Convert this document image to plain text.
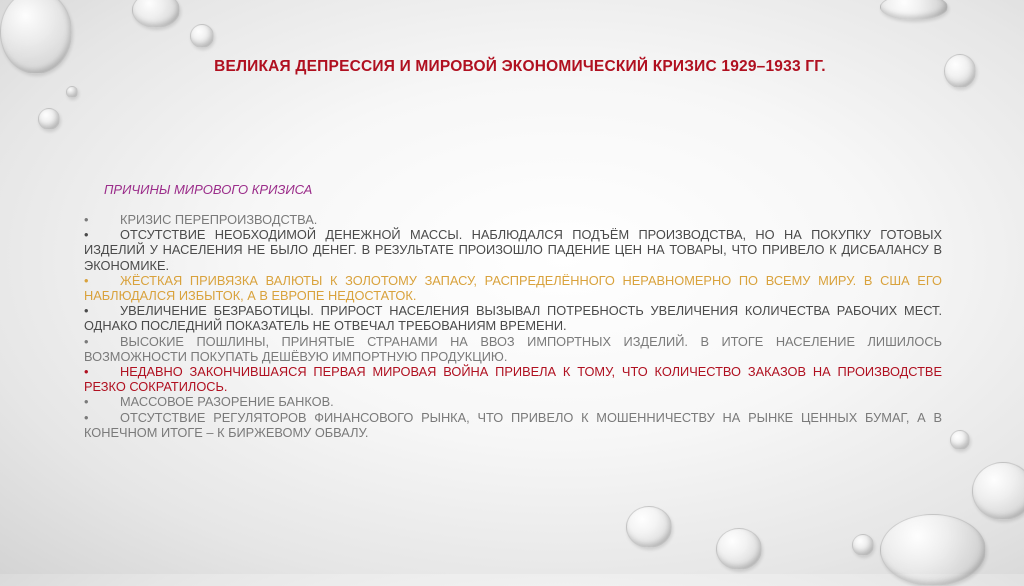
ВЕЛИКАЯ ДЕПРЕССИЯ И МИРОВОЙ ЭКОНОМИЧЕСКИЙ КРИЗИС 1929–1933 ГГ.
ПРИЧИНЫ МИРОВОГО КРИЗИСА

• КРИЗИС ПЕРЕПРОИЗВОДСТВА.

• ОТСУТСТВИЕ НЕОБХОДИМОЙ ДЕНЕЖНОЙ МАССЫ. НАБЛЮДАЛСЯ ПОДЪЁМ ПРОИЗВОДСТВА, НО НА ПОКУПКУ ГОТОВЫХ ИЗДЕЛИЙ У НАСЕЛЕНИЯ НЕ БЫЛО ДЕНЕГ. В РЕЗУЛЬТАТЕ ПРОИЗОШЛО ПАДЕНИЕ ЦЕН НА ТОВАРЫ, ЧТО ПРИВЕЛО К ДИСБАЛАНСУ В ЭКОНОМИКЕ.

• ЖЁСТКАЯ ПРИВЯЗКА ВАЛЮТЫ К ЗОЛОТОМУ ЗАПАСУ, РАСПРЕДЕЛЁННОГО НЕРАВНОМЕРНО ПО ВСЕМУ МИРУ. В США ЕГО НАБЛЮДАЛСЯ ИЗБЫТОК, А В ЕВРОПЕ НЕДОСТАТОК.

• УВЕЛИЧЕНИЕ БЕЗРАБОТИЦЫ. ПРИРОСТ НАСЕЛЕНИЯ ВЫЗЫВАЛ ПОТРЕБНОСТЬ УВЕЛИЧЕНИЯ КОЛИЧЕСТВА РАБОЧИХ МЕСТ. ОДНАКО ПОСЛЕДНИЙ ПОКАЗАТЕЛЬ НЕ ОТВЕЧАЛ ТРЕБОВАНИЯМ ВРЕМЕНИ.

• ВЫСОКИЕ ПОШЛИНЫ, ПРИНЯТЫЕ СТРАНАМИ НА ВВОЗ ИМПОРТНЫХ ИЗДЕЛИЙ. В ИТОГЕ НАСЕЛЕНИЕ ЛИШИЛОСЬ ВОЗМОЖНОСТИ ПОКУПАТЬ ДЕШЁВУЮ ИМПОРТНУЮ ПРОДУКЦИЮ.

• НЕДАВНО ЗАКОНЧИВШАЯСЯ ПЕРВАЯ МИРОВАЯ ВОЙНА ПРИВЕЛА К ТОМУ, ЧТО КОЛИЧЕСТВО ЗАКАЗОВ НА ПРОИЗВОДСТВЕ РЕЗКО СОКРАТИЛОСЬ.

• МАССОВОЕ РАЗОРЕНИЕ БАНКОВ.

• ОТСУТСТВИЕ РЕГУЛЯТОРОВ ФИНАНСОВОГО РЫНКА, ЧТО ПРИВЕЛО К МОШЕННИЧЕСТВУ НА РЫНКЕ ЦЕННЫХ БУМАГ, А В КОНЕЧНОМ ИТОГЕ – К БИРЖЕВОМУ ОБВАЛУ.
